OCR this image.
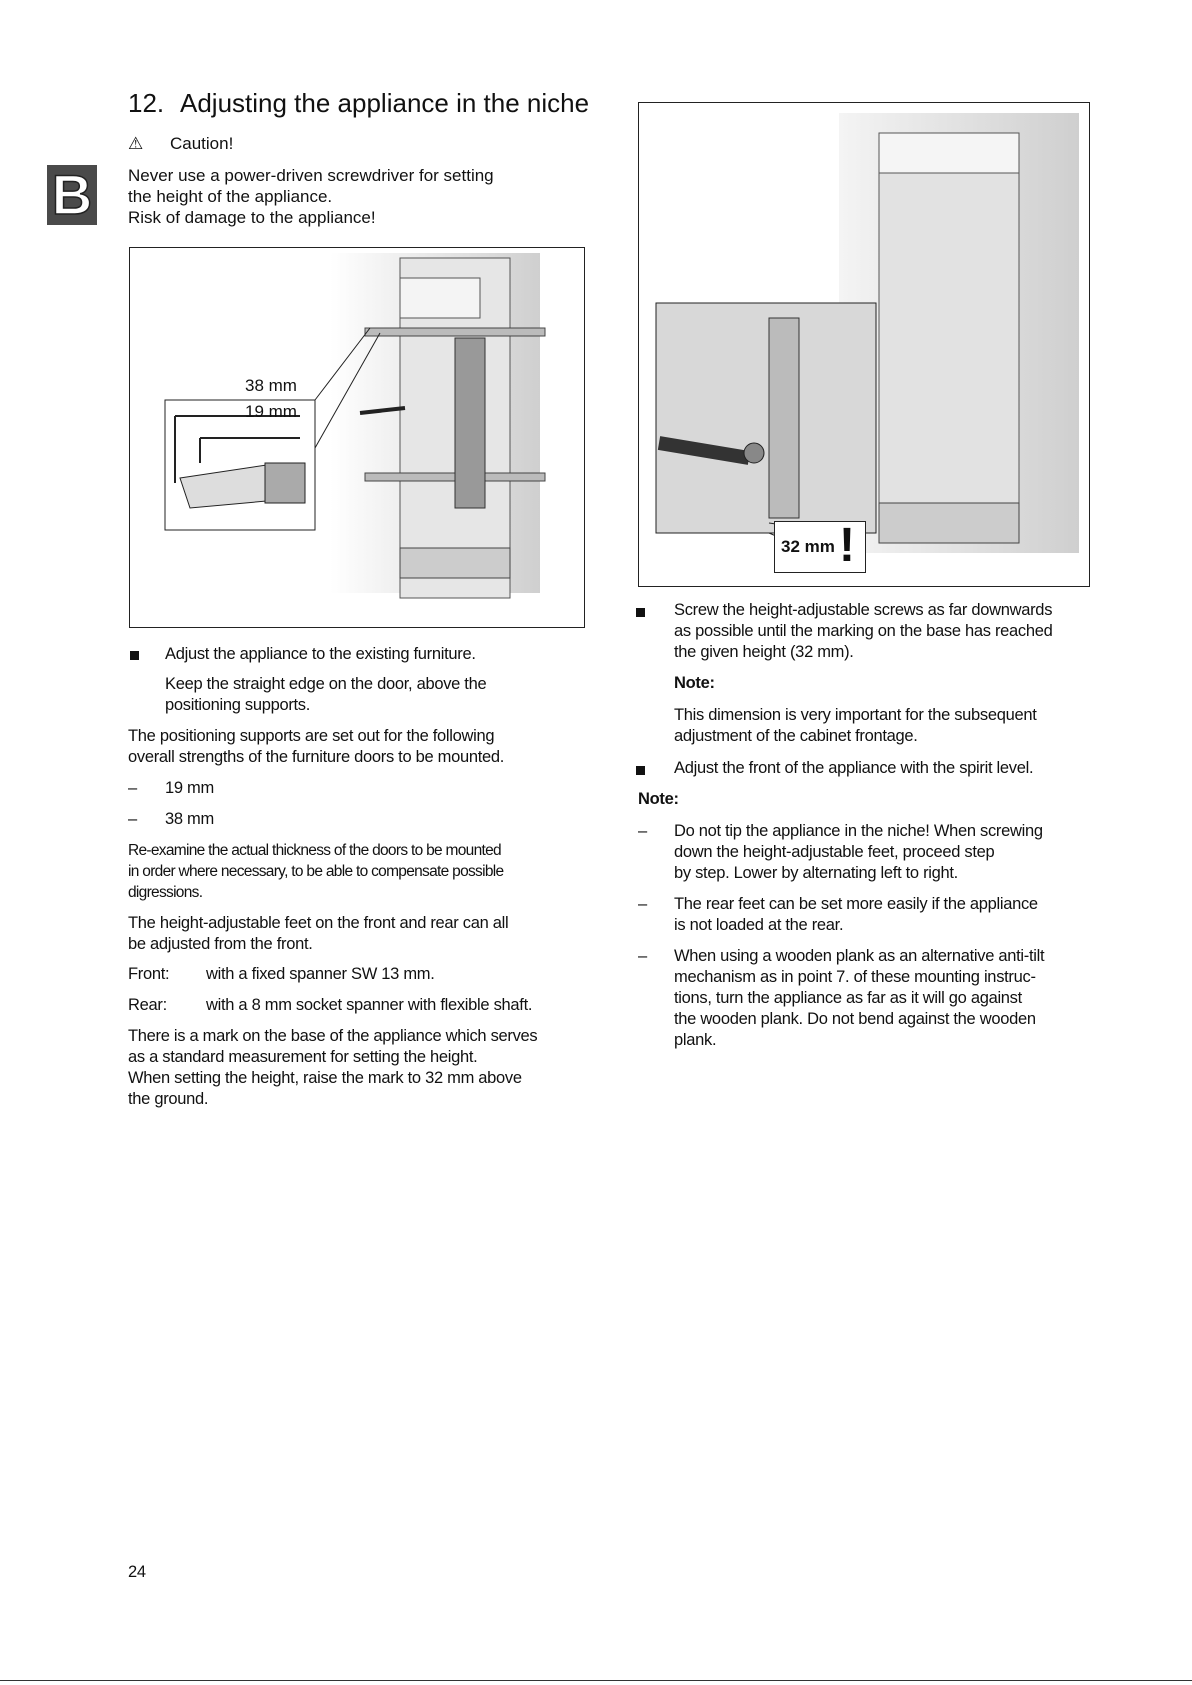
B
12. Adjusting the appliance in the niche
⚠ Caution!
Never use a power-driven screwdriver for setting
the height of the appliance.
Risk of damage to the appliance!
38 mm
19 mm
32 mm !
Adjust the appliance to the existing furniture.
Keep the straight edge on the door, above the
positioning supports.
The positioning supports are set out for the following
overall strengths of the furniture doors to be mounted.
– 19 mm
– 38 mm
Re-examine the actual thickness of the doors to be mounted
in order where necessary, to be able to compensate possible
digressions.
The height-adjustable feet on the front and rear can all
be adjusted from the front.
Front: with a fixed spanner SW 13 mm.
Rear: with a 8 mm socket spanner with flexible shaft.
There is a mark on the base of the appliance which serves
as a standard measurement for setting the height.
When setting the height, raise the mark to 32 mm above
the ground.
Screw the height-adjustable screws as far downwards
as possible until the marking on the base has reached
the given height (32 mm).
Note:
This dimension is very important for the subsequent
adjustment of the cabinet frontage.
Adjust the front of the appliance with the spirit level.
Note:
– Do not tip the appliance in the niche! When screwing
down the height-adjustable feet, proceed step
by step. Lower by alternating left to right.
– The rear feet can be set more easily if the appliance
is not loaded at the rear.
– When using a wooden plank as an alternative anti-tilt
mechanism as in point 7. of these mounting instruc-
tions, turn the appliance as far as it will go against
the wooden plank. Do not bend against the wooden
plank.
24
